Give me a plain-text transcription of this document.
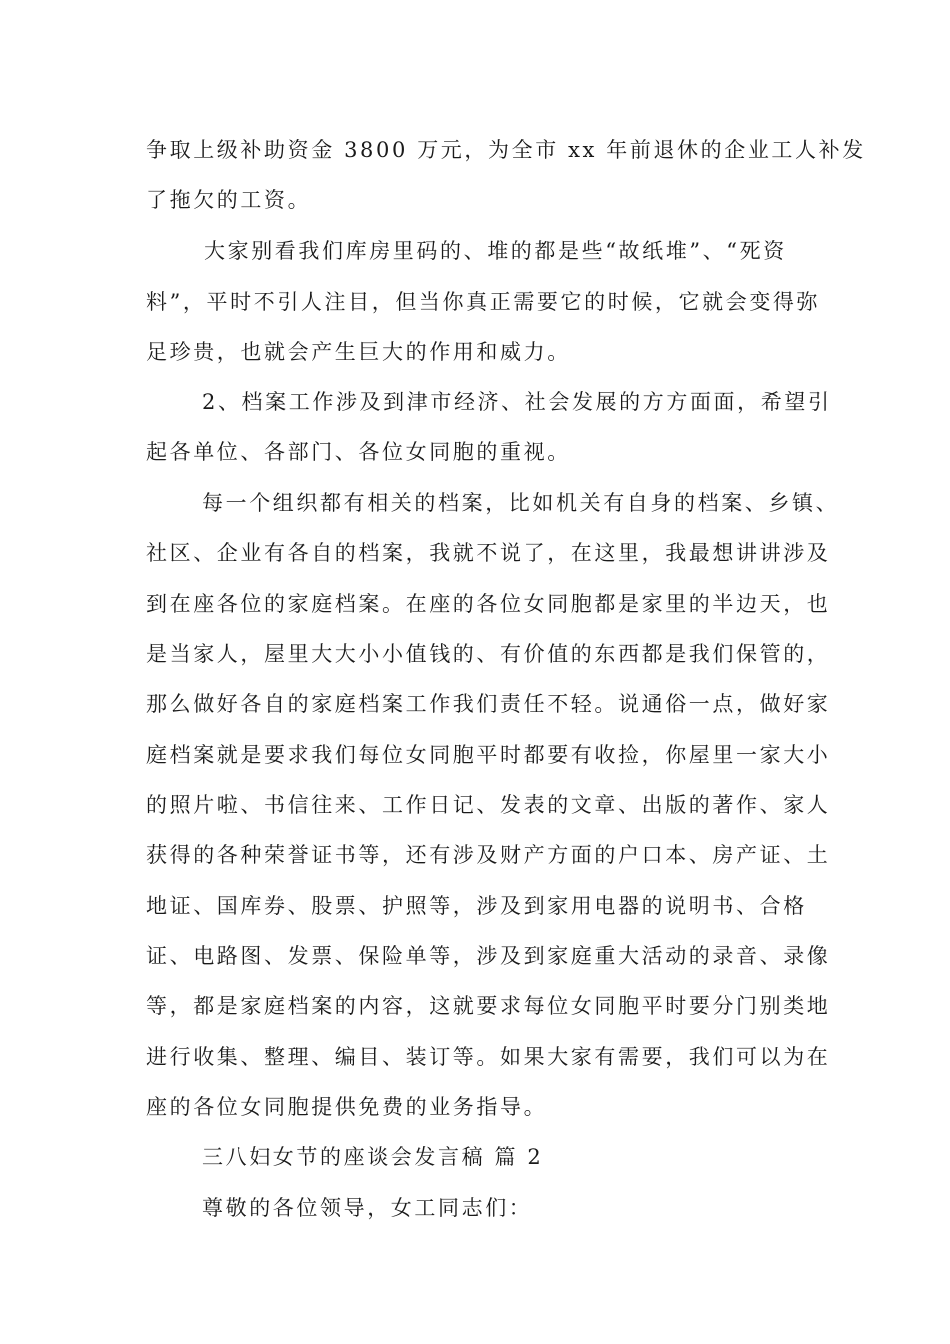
争取上级补助资金 3800 万元，为全市 xx 年前退休的企业工人补发
了拖欠的工资。
大家别看我们库房里码的、堆的都是些“故纸堆”、“死资
料”，平时不引人注目，但当你真正需要它的时候，它就会变得弥
足珍贵，也就会产生巨大的作用和威力。
2、档案工作涉及到津市经济、社会发展的方方面面，希望引
起各单位、各部门、各位女同胞的重视。
每一个组织都有相关的档案，比如机关有自身的档案、乡镇、
社区、企业有各自的档案，我就不说了，在这里，我最想讲讲涉及
到在座各位的家庭档案。在座的各位女同胞都是家里的半边天，也
是当家人，屋里大大小小值钱的、有价值的东西都是我们保管的，
那么做好各自的家庭档案工作我们责任不轻。说通俗一点，做好家
庭档案就是要求我们每位女同胞平时都要有收捡，你屋里一家大小
的照片啦、书信往来、工作日记、发表的文章、出版的著作、家人
获得的各种荣誉证书等，还有涉及财产方面的户口本、房产证、土
地证、国库券、股票、护照等，涉及到家用电器的说明书、合格
证、电路图、发票、保险单等，涉及到家庭重大活动的录音、录像
等，都是家庭档案的内容，这就要求每位女同胞平时要分门别类地
进行收集、整理、编目、装订等。如果大家有需要，我们可以为在
座的各位女同胞提供免费的业务指导。
三八妇女节的座谈会发言稿 篇 2
尊敬的各位领导，女工同志们：
